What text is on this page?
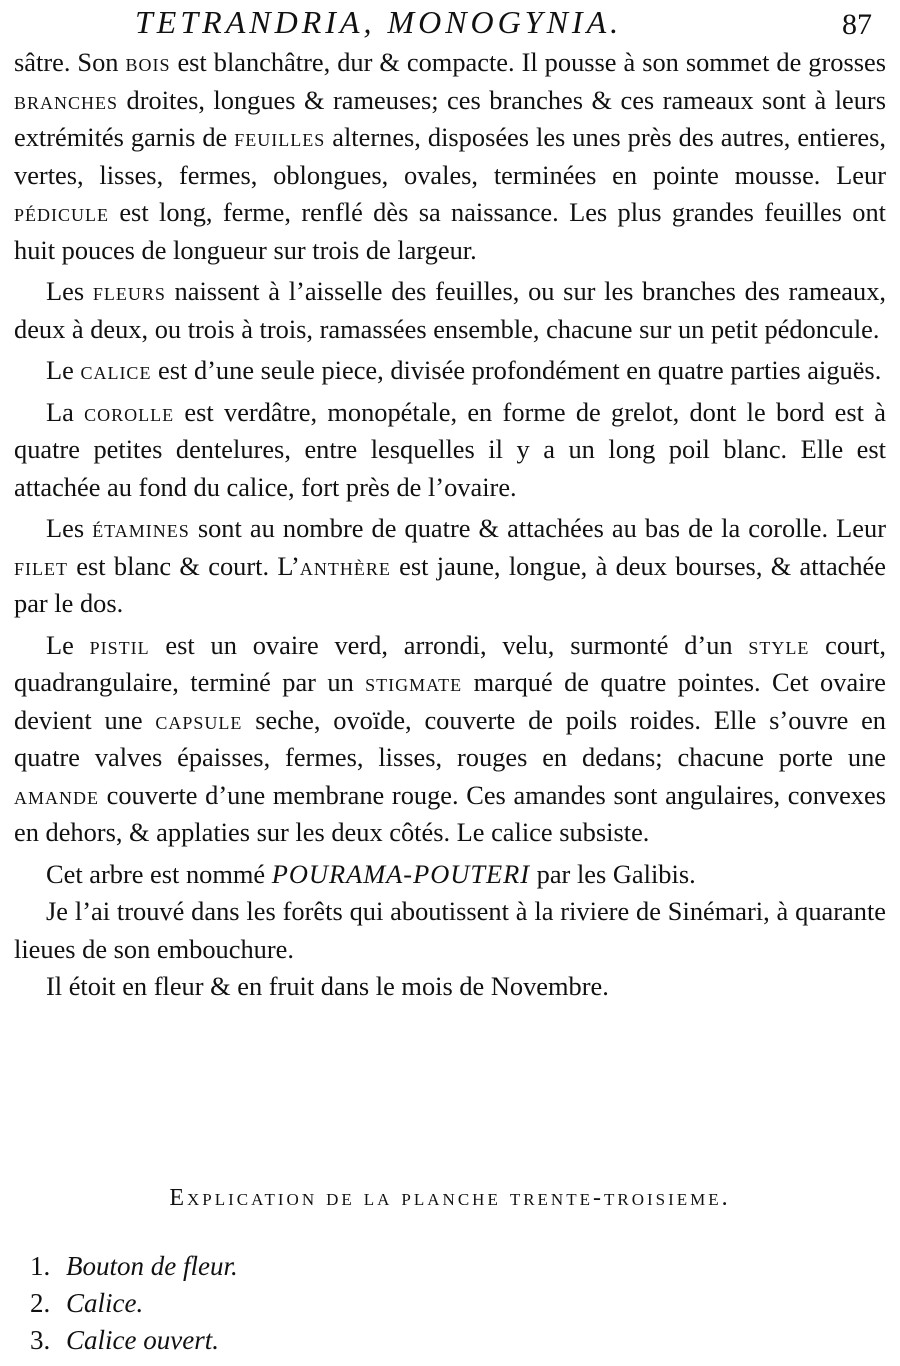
TETRANDRIA, MONOGYNIA.	87

sâtre. Son bois est blanchâtre, dur & compacte. Il pousse à son sommet de grosses branches droites, longues & rameuses; ces branches & ces rameaux sont à leurs extrémités garnis de feuilles alternes, disposées les unes près des autres, entieres, vertes, lisses, fermes, oblongues, ovales, terminées en pointe mousse. Leur pédicule est long, ferme, renflé dès sa naissance. Les plus grandes feuilles ont huit pouces de longueur sur trois de largeur.

Les fleurs naissent à l’aisselle des feuilles, ou sur les branches des rameaux, deux à deux, ou trois à trois, ramassées ensemble, chacune sur un petit pédoncule.

Le calice est d’une seule piece, divisée profondément en quatre parties aiguës.

La corolle est verdâtre, monopétale, en forme de grelot, dont le bord est à quatre petites dentelures, entre lesquelles il y a un long poil blanc. Elle est attachée au fond du calice, fort près de l’ovaire.

Les étamines sont au nombre de quatre & attachées au bas de la corolle. Leur filet est blanc & court. L’anthère est jaune, longue, à deux bourses, & attachée par le dos.

Le pistil est un ovaire verd, arrondi, velu, surmonté d’un style court, quadrangulaire, terminé par un stigmate marqué de quatre pointes. Cet ovaire devient une capsule seche, ovoïde, couverte de poils roides. Elle s’ouvre en quatre valves épaisses, fermes, lisses, rouges en dedans; chacune porte une amande couverte d’une membrane rouge. Ces amandes sont angulaires, convexes en dehors, & applaties sur les deux côtés. Le calice subsiste.

Cet arbre est nommé POURAMA-POUTERI par les Galibis.

Je l’ai trouvé dans les forêts qui aboutissent à la riviere de Sinémari, à quarante lieues de son embouchure.

Il étoit en fleur & en fruit dans le mois de Novembre.

Explication de la planche trente-troisieme.
1. Bouton de fleur.
2. Calice.
3. Calice ouvert.
